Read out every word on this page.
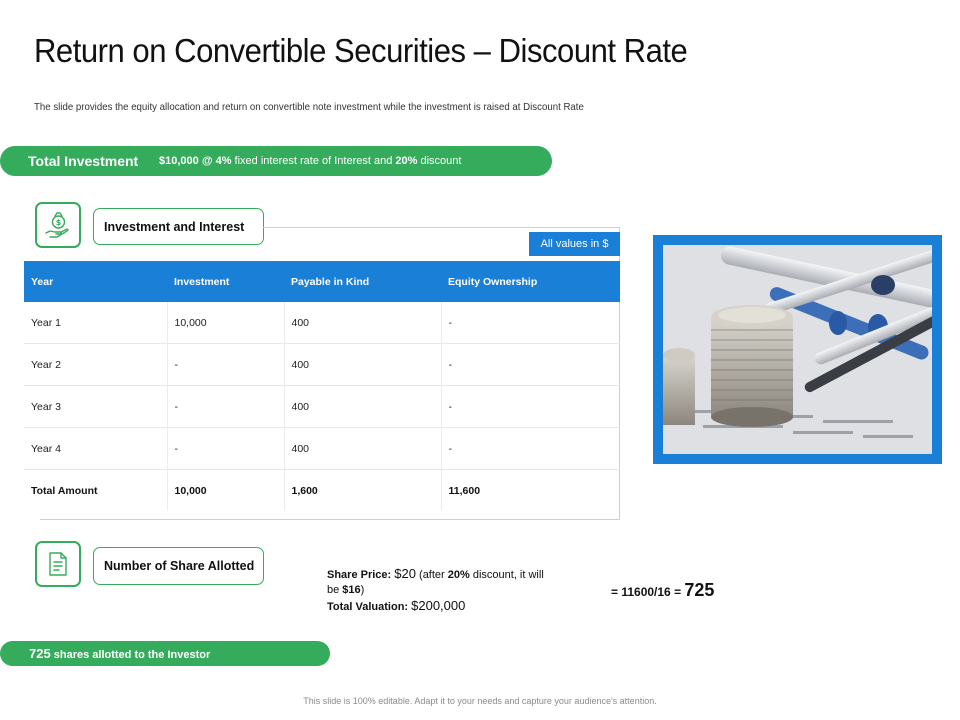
Return on Convertible Securities – Discount Rate
The slide provides the equity allocation and return on convertible note investment while the investment is raised at Discount Rate
Total Investment	$10,000 @ 4% fixed interest rate of Interest and 20% discount
$	Investment and Interest
All values in $
Year	Investment	Payable in Kind	Equity Ownership
Year 1	10,000	400	-
Year 2	-	400	-
Year 3	-	400	-
Year 4	-	400	-
Total Amount	10,000	1,600	11,600
Number of Share Allotted
Share Price: $20 (after 20% discount, it will be $16)
Total Valuation: $200,000
= 11600/16 = 725
725 shares allotted to the Investor
This slide is 100% editable. Adapt it to your needs and capture your audience's attention.
